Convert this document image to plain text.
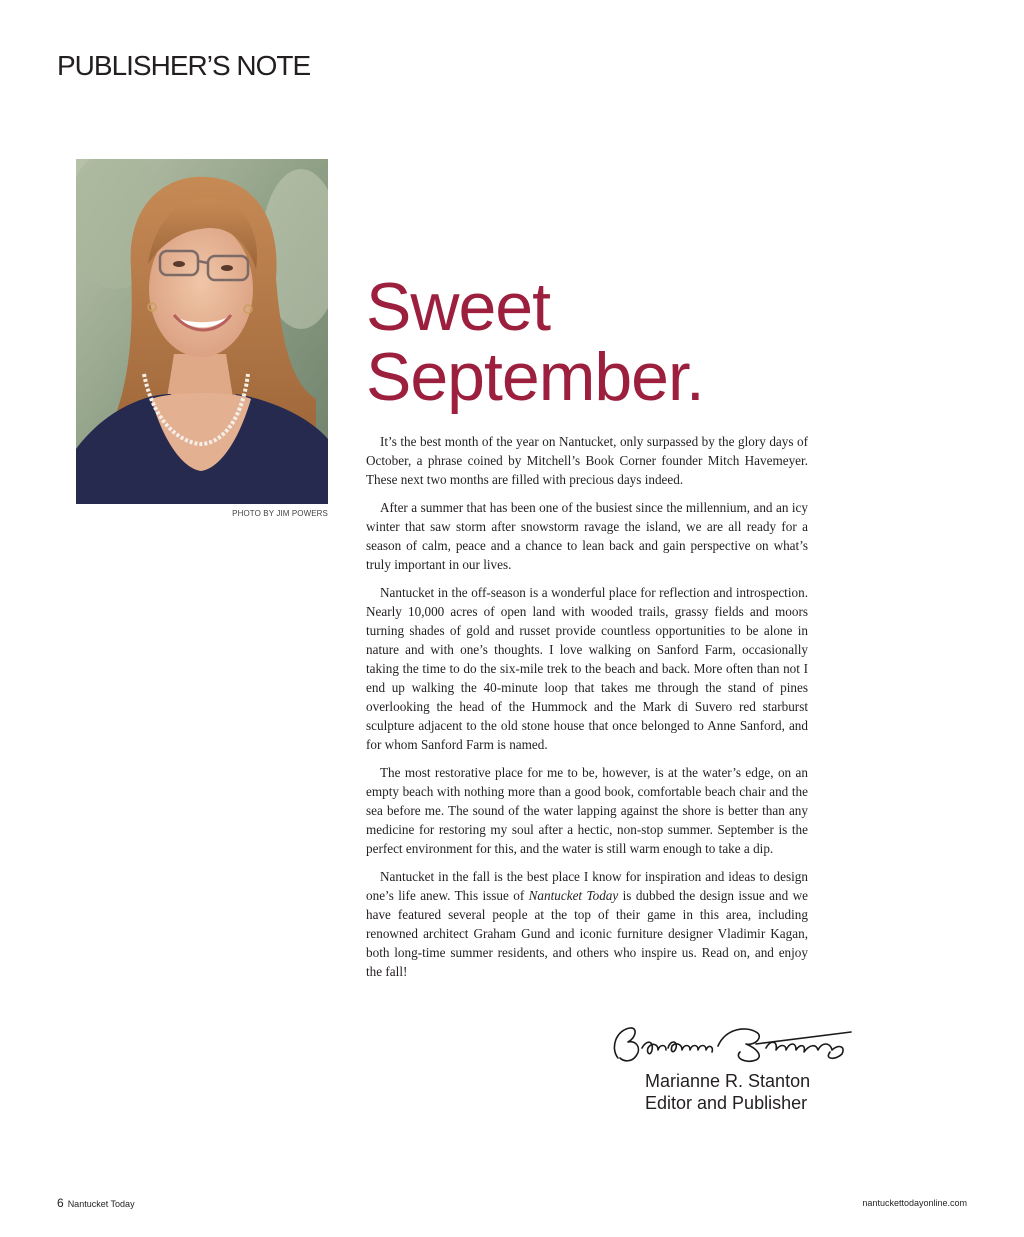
PUBLISHER’S NOTE
PHOTO BY JIM POWERS
Sweet
September.

It’s the best month of the year on Nantucket, only surpassed by the glory days of October, a phrase coined by Mitchell’s Book Corner founder Mitch Havemeyer. These next two months are filled with precious days indeed.

After a summer that has been one of the busiest since the millennium, and an icy winter that saw storm after snowstorm ravage the island, we are all ready for a season of calm, peace and a chance to lean back and gain perspective on what’s truly important in our lives.

Nantucket in the off-season is a wonderful place for reflection and introspection. Nearly 10,000 acres of open land with wooded trails, grassy fields and moors turning shades of gold and russet provide countless opportunities to be alone in nature and with one’s thoughts. I love walking on Sanford Farm, occasionally taking the time to do the six-mile trek to the beach and back. More often than not I end up walking the 40-minute loop that takes me through the stand of pines overlooking the head of the Hummock and the Mark di Suvero red starburst sculpture adjacent to the old stone house that once belonged to Anne Sanford, and for whom Sanford Farm is named.

The most restorative place for me to be, however, is at the water’s edge, on an empty beach with nothing more than a good book, comfortable beach chair and the sea before me. The sound of the water lapping against the shore is better than any medicine for restoring my soul after a hectic, non-stop summer. September is the perfect environment for this, and the water is still warm enough to take a dip.

Nantucket in the fall is the best place I know for inspiration and ideas to design one’s life anew. This issue of Nantucket Today is dubbed the design issue and we have featured several people at the top of their game in this area, including renowned architect Graham Gund and iconic furniture designer Vladimir Kagan, both long-time summer residents, and others who inspire us. Read on, and enjoy the fall!

Marianne R. Stanton
Editor and Publisher
6 Nantucket Today	nantuckettodayonline.com
